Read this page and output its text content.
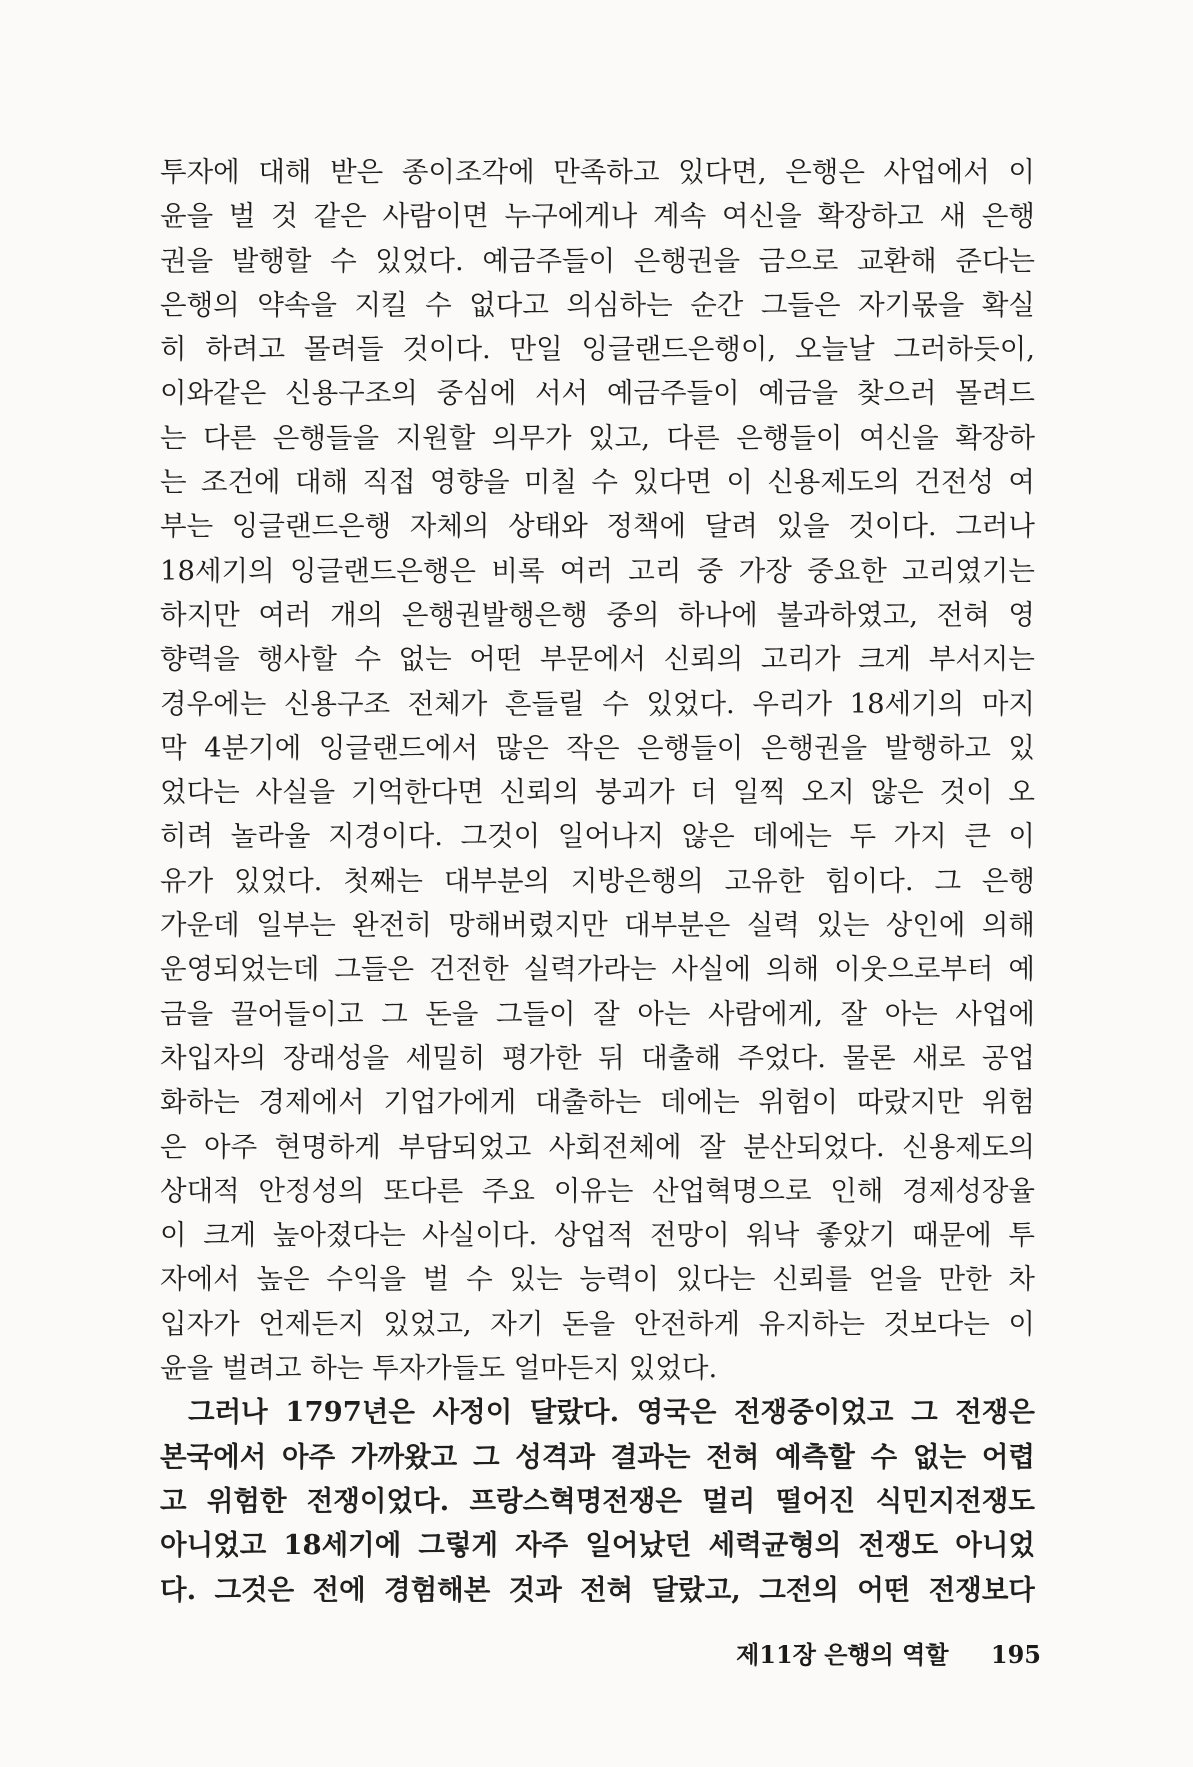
투자에 대해 받은 종이조각에 만족하고 있다면, 은행은 사업에서 이
윤을 벌 것 같은 사람이면 누구에게나 계속 여신을 확장하고 새 은행
권을 발행할 수 있었다. 예금주들이 은행권을 금으로 교환해 준다는
은행의 약속을 지킬 수 없다고 의심하는 순간 그들은 자기몫을 확실
히 하려고 몰려들 것이다. 만일 잉글랜드은행이, 오늘날 그러하듯이,
이와같은 신용구조의 중심에 서서 예금주들이 예금을 찾으러 몰려드
는 다른 은행들을 지원할 의무가 있고, 다른 은행들이 여신을 확장하
는 조건에 대해 직접 영향을 미칠 수 있다면 이 신용제도의 건전성 여
부는 잉글랜드은행 자체의 상태와 정책에 달려 있을 것이다. 그러나
18세기의 잉글랜드은행은 비록 여러 고리 중 가장 중요한 고리였기는
하지만 여러 개의 은행권발행은행 중의 하나에 불과하였고, 전혀 영
향력을 행사할 수 없는 어떤 부문에서 신뢰의 고리가 크게 부서지는
경우에는 신용구조 전체가 흔들릴 수 있었다. 우리가 18세기의 마지
막 4분기에 잉글랜드에서 많은 작은 은행들이 은행권을 발행하고 있
었다는 사실을 기억한다면 신뢰의 붕괴가 더 일찍 오지 않은 것이 오
히려 놀라울 지경이다. 그것이 일어나지 않은 데에는 두 가지 큰 이
유가 있었다. 첫째는 대부분의 지방은행의 고유한 힘이다. 그 은행
가운데 일부는 완전히 망해버렸지만 대부분은 실력 있는 상인에 의해
운영되었는데 그들은 건전한 실력가라는 사실에 의해 이웃으로부터 예
금을 끌어들이고 그 돈을 그들이 잘 아는 사람에게, 잘 아는 사업에
차입자의 장래성을 세밀히 평가한 뒤 대출해 주었다. 물론 새로 공업
화하는 경제에서 기업가에게 대출하는 데에는 위험이 따랐지만 위험
은 아주 현명하게 부담되었고 사회전체에 잘 분산되었다. 신용제도의
상대적 안정성의 또다른 주요 이유는 산업혁명으로 인해 경제성장율
이 크게 높아졌다는 사실이다. 상업적 전망이 워낙 좋았기 때문에 투
자에서 높은 수익을 벌 수 있는 능력이 있다는 신뢰를 얻을 만한 차
입자가 언제든지 있었고, 자기 돈을 안전하게 유지하는 것보다는 이
윤을 벌려고 하는 투자가들도 얼마든지 있었다.
그러나 1797년은 사정이 달랐다. 영국은 전쟁중이었고 그 전쟁은
본국에서 아주 가까왔고 그 성격과 결과는 전혀 예측할 수 없는 어렵
고 위험한 전쟁이었다. 프랑스혁명전쟁은 멀리 떨어진 식민지전쟁도
아니었고 18세기에 그렇게 자주 일어났던 세력균형의 전쟁도 아니었
다. 그것은 전에 경험해본 것과 전혀 달랐고, 그전의 어떤 전쟁보다
제11장 은행의 역할 195
